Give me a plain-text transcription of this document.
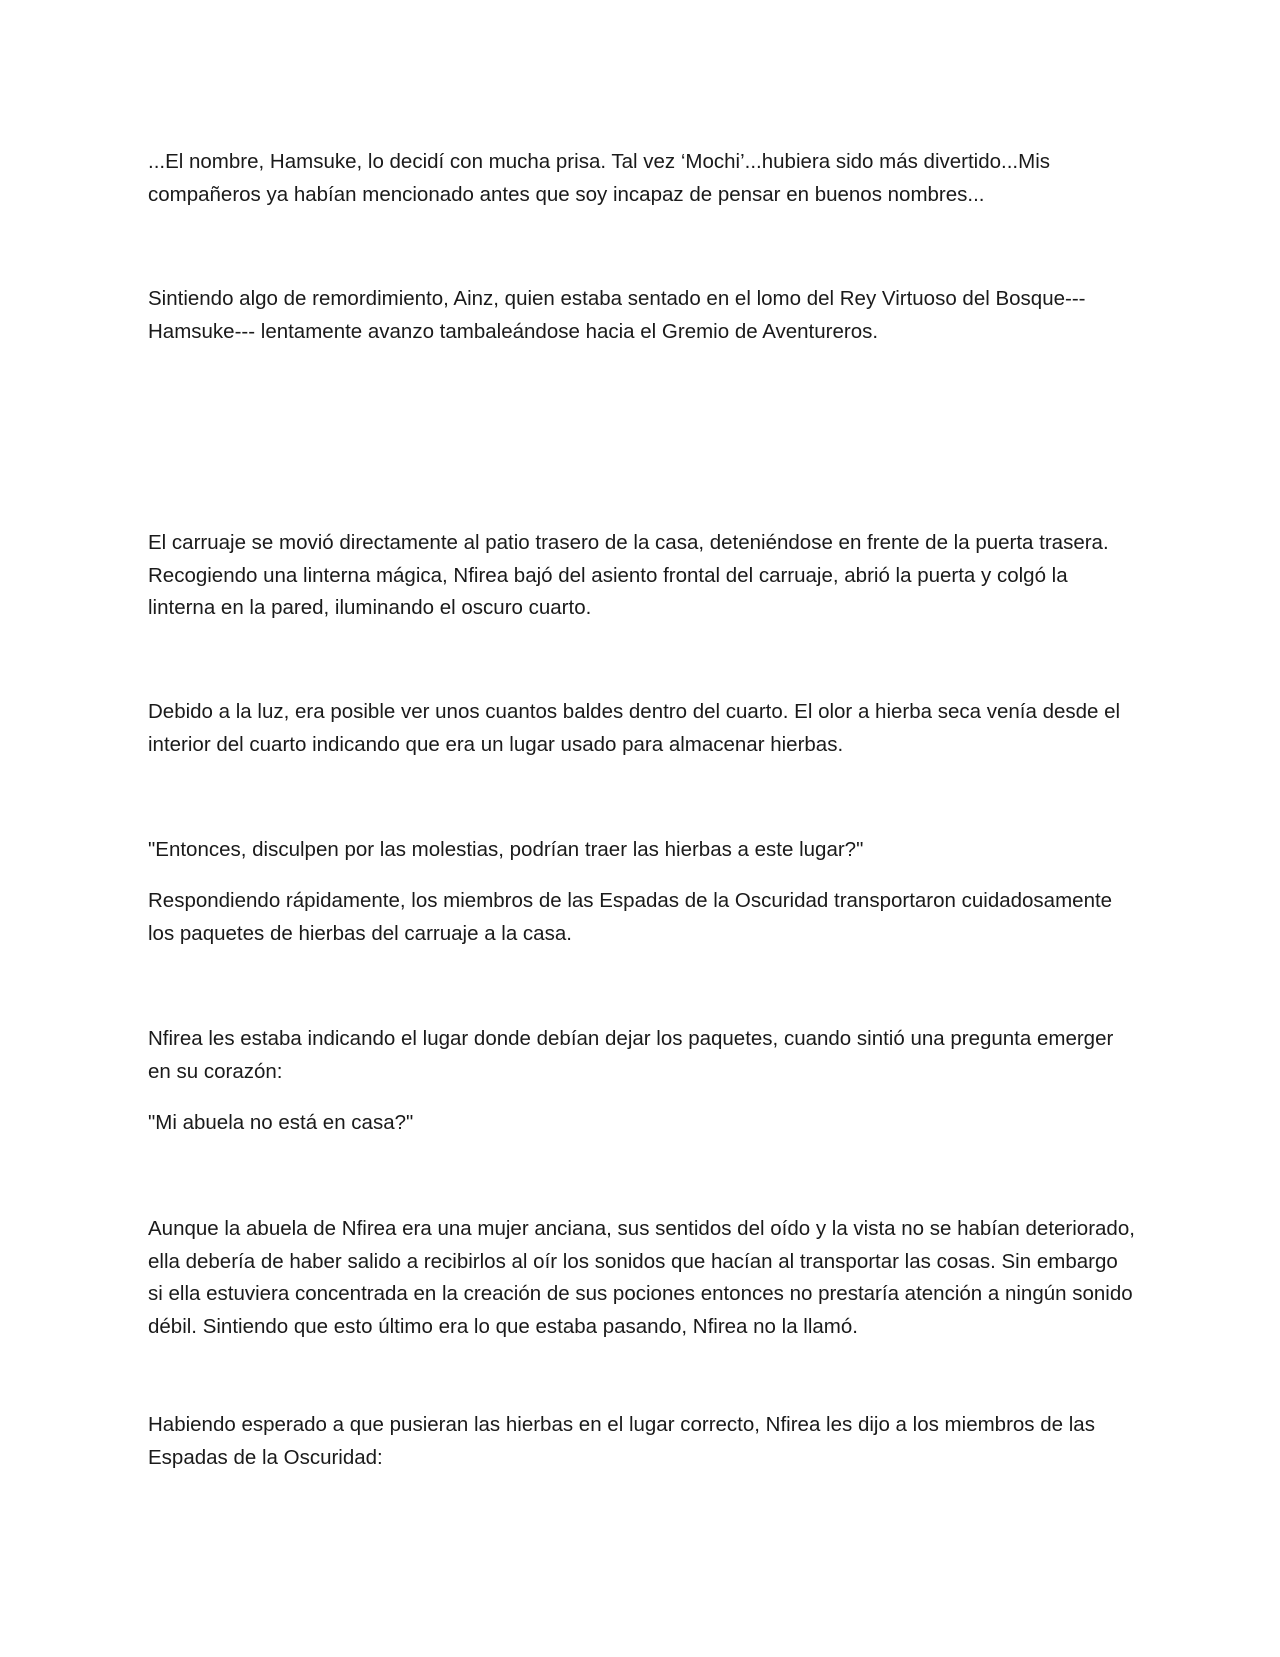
...El nombre, Hamsuke, lo decidí con mucha prisa. Tal vez ‘Mochi’...hubiera sido más divertido...Mis compañeros ya habían mencionado antes que soy incapaz de pensar en buenos nombres...

Sintiendo algo de remordimiento, Ainz, quien estaba sentado en el lomo del Rey Virtuoso del Bosque---Hamsuke--- lentamente avanzo tambaleándose hacia el Gremio de Aventureros.

El carruaje se movió directamente al patio trasero de la casa, deteniéndose en frente de la puerta trasera. Recogiendo una linterna mágica, Nfirea bajó del asiento frontal del carruaje, abrió la puerta y colgó la linterna en la pared, iluminando el oscuro cuarto.

Debido a la luz, era posible ver unos cuantos baldes dentro del cuarto. El olor a hierba seca venía desde el interior del cuarto indicando que era un lugar usado para almacenar hierbas.

"Entonces, disculpen por las molestias, podrían traer las hierbas a este lugar?"

Respondiendo rápidamente, los miembros de las Espadas de la Oscuridad transportaron cuidadosamente los paquetes de hierbas del carruaje a la casa.

Nfirea les estaba indicando el lugar donde debían dejar los paquetes, cuando sintió una pregunta emerger en su corazón:

"Mi abuela no está en casa?"

Aunque la abuela de Nfirea era una mujer anciana, sus sentidos del oído y la vista no se habían deteriorado, ella debería de haber salido a recibirlos al oír los sonidos que hacían al transportar las cosas. Sin embargo si ella estuviera concentrada en la creación de sus pociones entonces no prestaría atención a ningún sonido débil. Sintiendo que esto último era lo que estaba pasando, Nfirea no la llamó.

Habiendo esperado a que pusieran las hierbas en el lugar correcto, Nfirea les dijo a los miembros de las Espadas de la Oscuridad:
